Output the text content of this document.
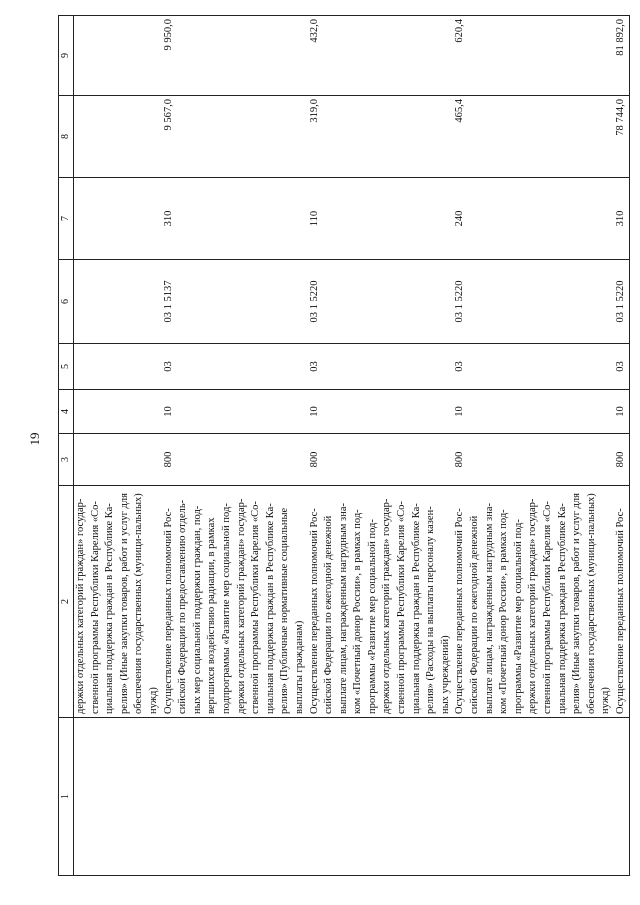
19
1	2	3	4	5	6	7	8	9
	держки отдельных категорий граждан» государ-ственной программы Республики Карелия «Со-циальная поддержка граждан в Республике Ка-релия» (Иные закупки товаров, работ и услуг для обеспечения государственных (муници-пальных) нужд)							
	Осуществление переданных полномочий Рос-сийской Федерации по предоставлению отдель-ных мер социальной поддержки граждан, под-вергшихся воздействию радиации, в рамках подпрограммы «Развитие мер социальной под-держки отдельных категорий граждан» государ-ственной программы Республики Карелия «Со-циальная поддержка граждан в Республике Ка-релия» (Публичные нормативные социальные выплаты гражданам)	800	10	03	03 1 5137	310	9 567,0	9 950,0
	Осуществление переданных полномочий Рос-сийской Федерации по ежегодной денежной выплате лицам, награжденным нагрудным зна-ком «Почетный донор России», в рамках под-программы «Развитие мер социальной под-держки отдельных категорий граждан» государ-ственной программы Республики Карелия «Со-циальная поддержка граждан в Республике Ка-релия» (Расходы на выплаты персоналу казен-ных учреждений)	800	10	03	03 1 5220	110	319,0	432,0
	Осуществление переданных полномочий Рос-сийской Федерации по ежегодной денежной выплате лицам, награжденным нагрудным зна-ком «Почетный донор России», в рамках под-программы «Развитие мер социальной под-держки отдельных категорий граждан» государ-ственной программы Республики Карелия «Со-циальная поддержка граждан в Республике Ка-релия» (Иные закупки товаров, работ и услуг для обеспечения государственных (муници-пальных) нужд)	800	10	03	03 1 5220	240	465,4	620,4
	Осуществление переданных полномочий Рос-	800	10	03	03 1 5220	310	78 744,0	81 892,0
